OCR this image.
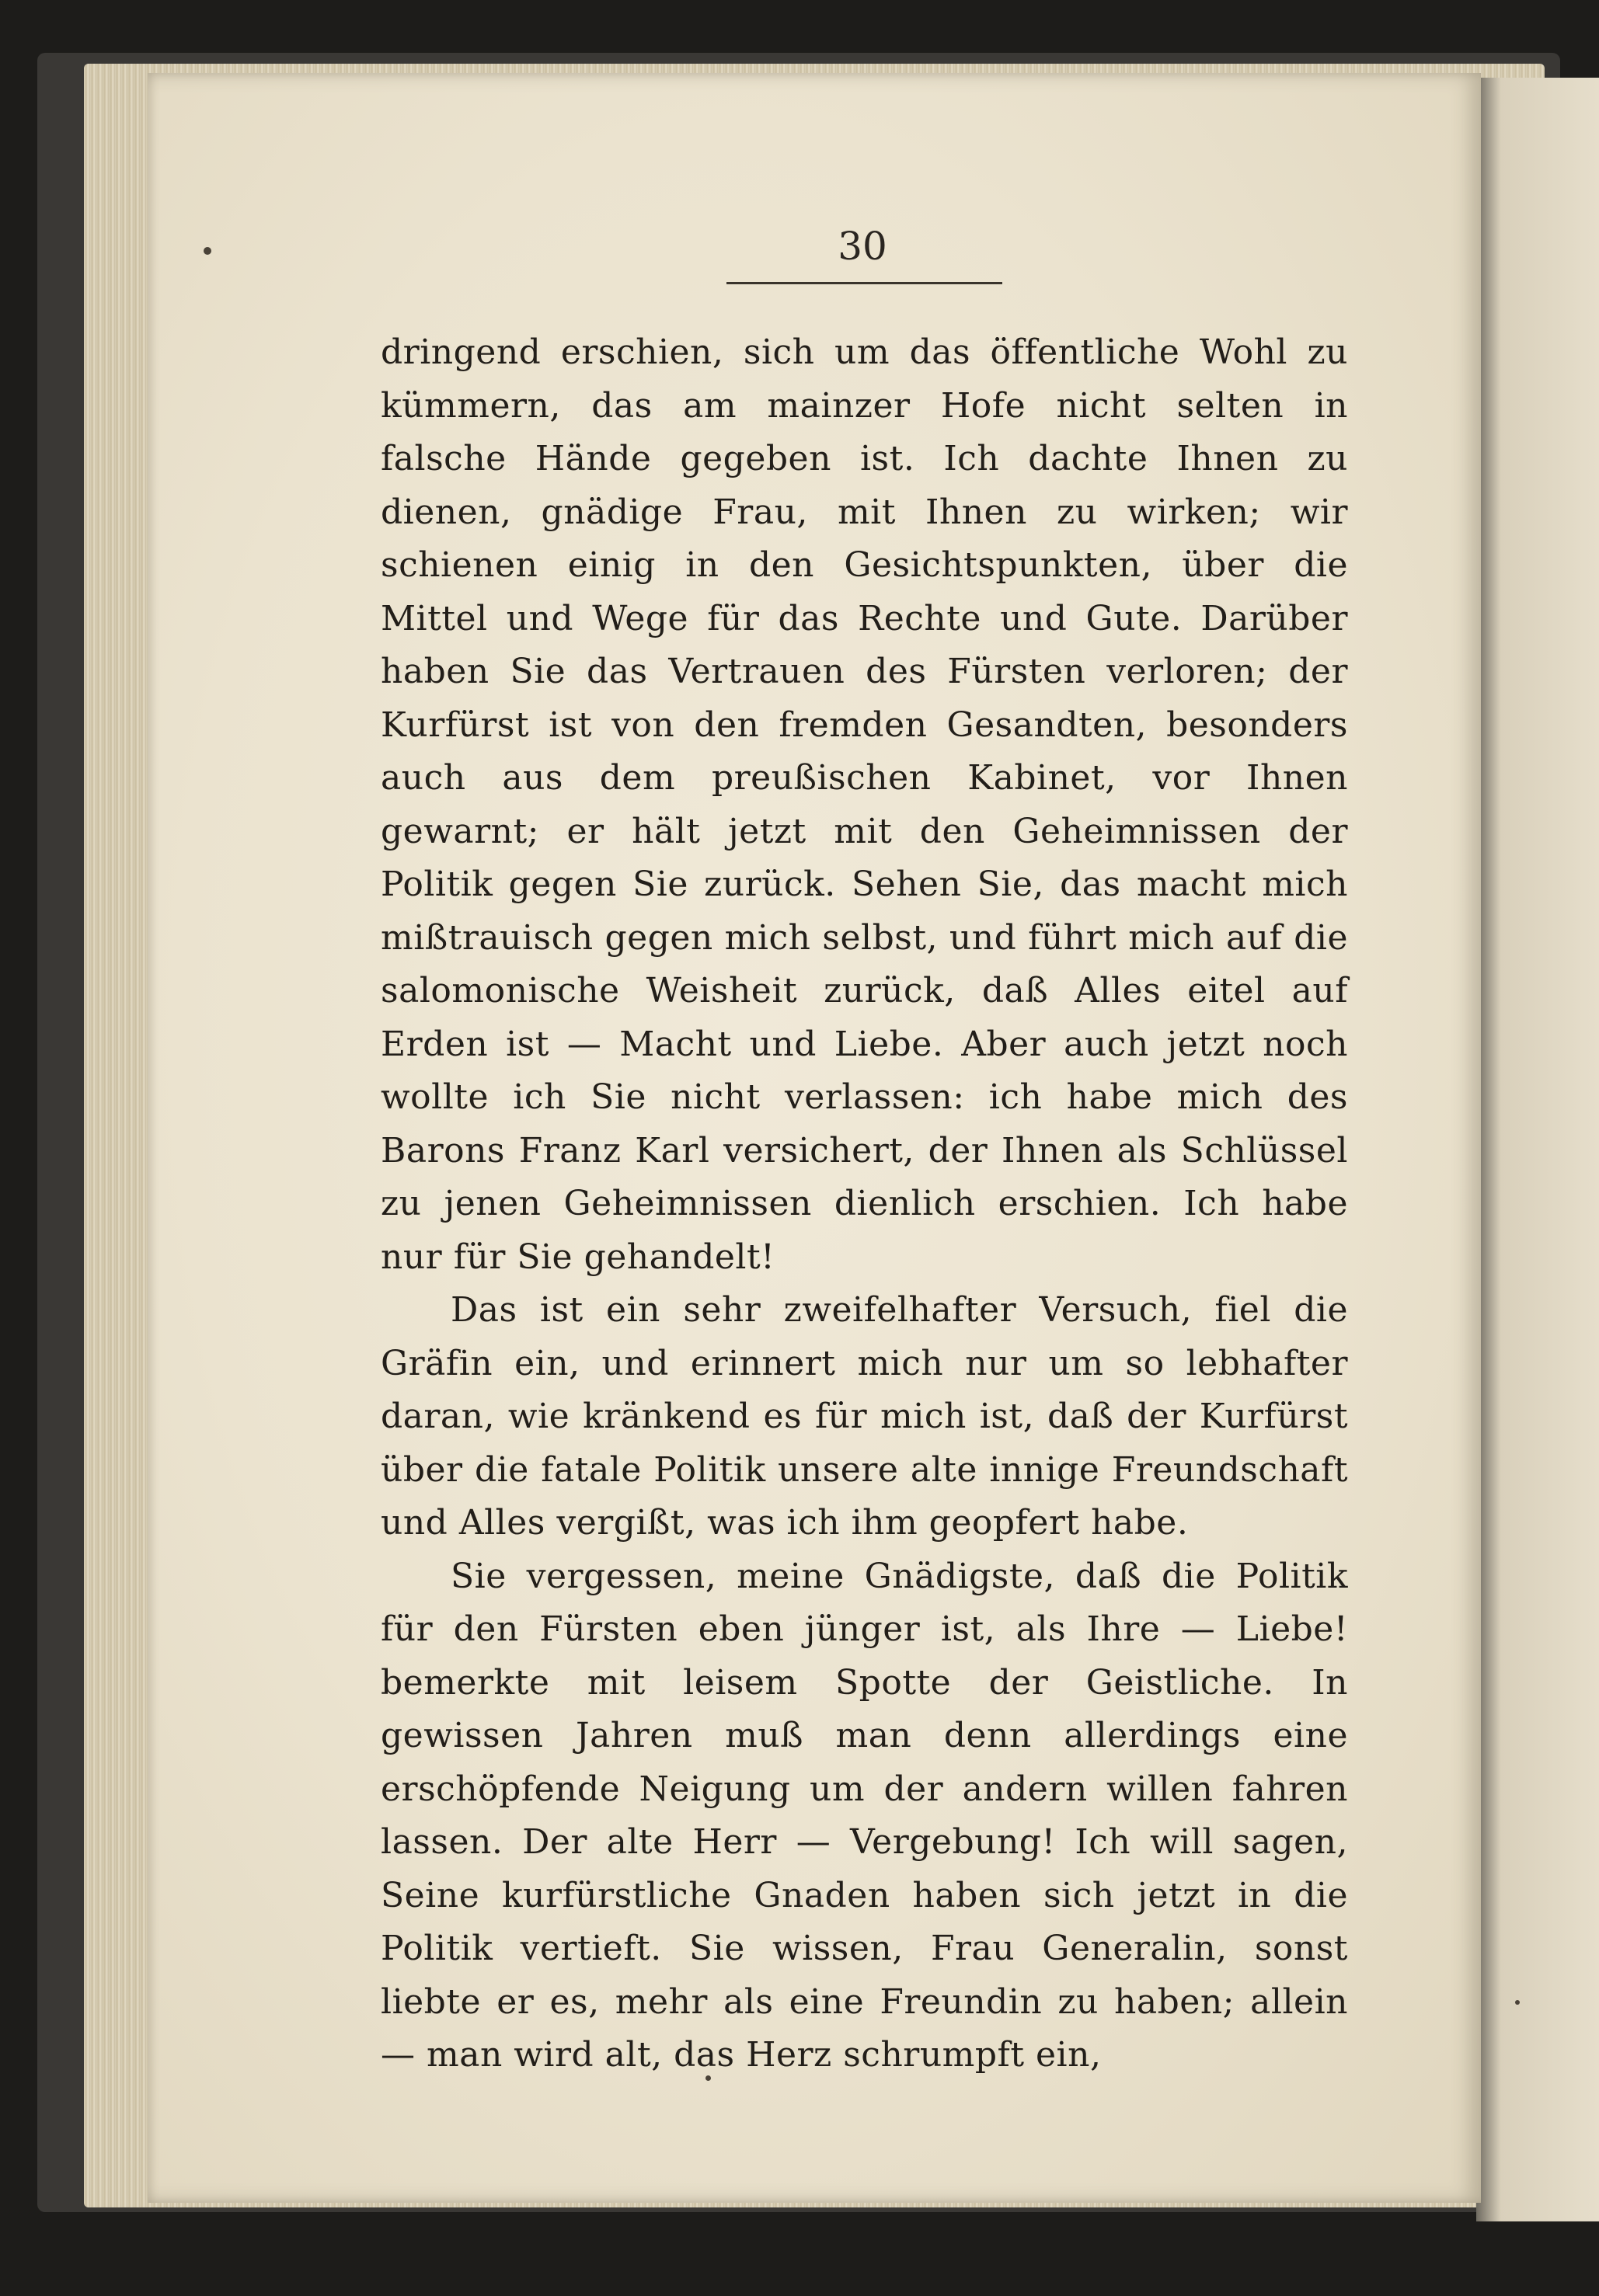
30

dringend erschien, sich um das öffentliche Wohl zu kümmern, das am mainzer Hofe nicht selten in falsche Hände gegeben ist. Ich dachte Ihnen zu dienen, gnädige Frau, mit Ihnen zu wirken; wir schienen einig in den Gesichtspunkten, über die Mittel und Wege für das Rechte und Gute. Darüber haben Sie das Vertrauen des Fürsten verloren; der Kurfürst ist von den fremden Gesandten, besonders auch aus dem preußischen Kabinet, vor Ihnen gewarnt; er hält jetzt mit den Geheimnissen der Politik gegen Sie zurück. Sehen Sie, das macht mich mißtrauisch gegen mich selbst, und führt mich auf die salomonische Weisheit zurück, daß Alles eitel auf Erden ist — Macht und Liebe. Aber auch jetzt noch wollte ich Sie nicht verlassen: ich habe mich des Barons Franz Karl versichert, der Ihnen als Schlüssel zu jenen Geheimnissen dienlich erschien. Ich habe nur für Sie gehandelt!

Das ist ein sehr zweifelhafter Versuch, fiel die Gräfin ein, und erinnert mich nur um so lebhafter daran, wie kränkend es für mich ist, daß der Kurfürst über die fatale Politik unsere alte innige Freundschaft und Alles vergißt, was ich ihm geopfert habe.

Sie vergessen, meine Gnädigste, daß die Politik für den Fürsten eben jünger ist, als Ihre — Liebe! bemerkte mit leisem Spotte der Geistliche. In gewissen Jahren muß man denn allerdings eine erschöpfende Neigung um der andern willen fahren lassen. Der alte Herr — Vergebung! Ich will sagen, Seine kurfürstliche Gnaden haben sich jetzt in die Politik vertieft. Sie wissen, Frau Generalin, sonst liebte er es, mehr als eine Freundin zu haben; allein — man wird alt, das Herz schrumpft ein,
